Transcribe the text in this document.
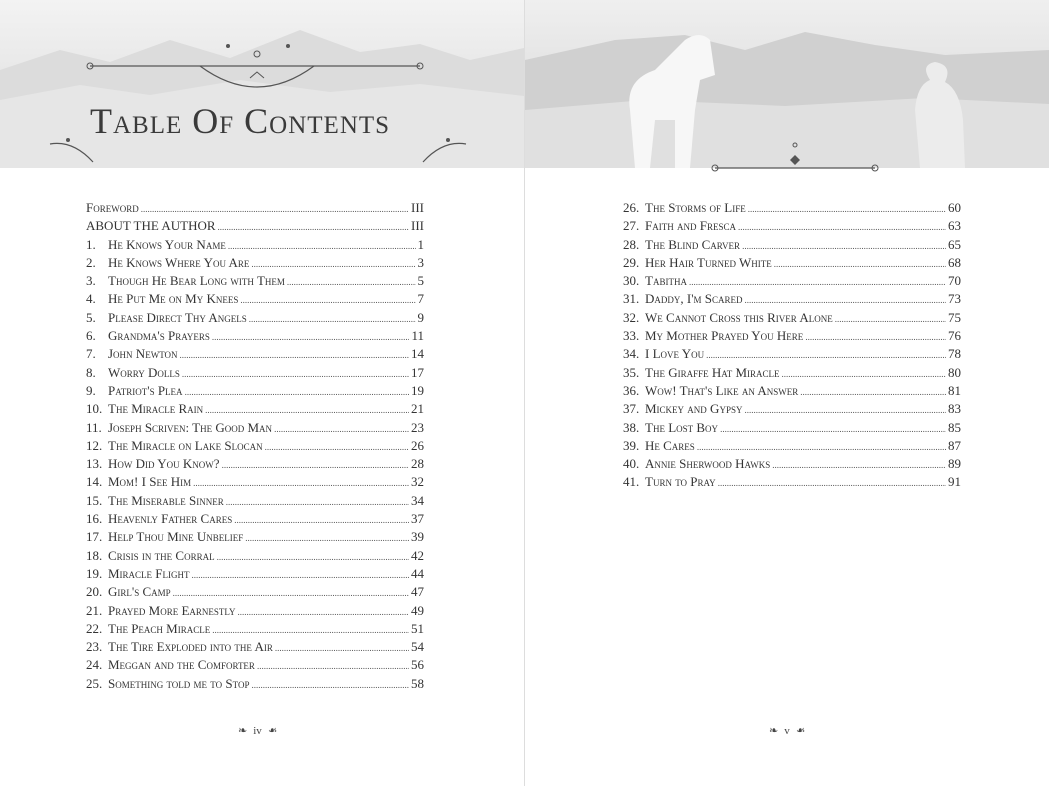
Table Of Contents
Foreword .....	III
ABOUT THE AUTHOR .....	III
1. He Knows Your Name .....	1
2. He Knows Where You Are .....	3
3. Though He Bear Long with Them .....	5
4. He Put Me on My Knees .....	7
5. Please Direct Thy Angels .....	9
6. Grandma's Prayers .....	11
7. John Newton .....	14
8. Worry Dolls .....	17
9. Patriot's Plea .....	19
10. The Miracle Rain .....	21
11. Joseph Scriven: The Good Man .....	23
12. The Miracle on Lake Slocan .....	26
13. How Did You Know? .....	28
14. Mom! I See Him .....	32
15. The Miserable Sinner .....	34
16. Heavenly Father Cares .....	37
17. Help Thou Mine Unbelief .....	39
18. Crisis in the Corral .....	42
19. Miracle Flight .....	44
20. Girl's Camp .....	47
21. Prayed More Earnestly .....	49
22. The Peach Miracle .....	51
23. The Tire Exploded into the Air .....	54
24. Meggan and the Comforter .....	56
25. Something told me to Stop .....	58
❧ iv ❧
26. The Storms of Life .....	60
27. Faith and Fresca .....	63
28. The Blind Carver .....	65
29. Her Hair Turned White .....	68
30. Tabitha .....	70
31. Daddy, I'm Scared .....	73
32. We Cannot Cross this River Alone .....	75
33. My Mother Prayed You Here .....	76
34. I Love You .....	78
35. The Giraffe Hat Miracle .....	80
36. Wow! That's Like an Answer .....	81
37. Mickey and Gypsy .....	83
38. The Lost Boy .....	85
39. He Cares .....	87
40. Annie Sherwood Hawks .....	89
41. Turn to Pray .....	91
❧ v ❧
